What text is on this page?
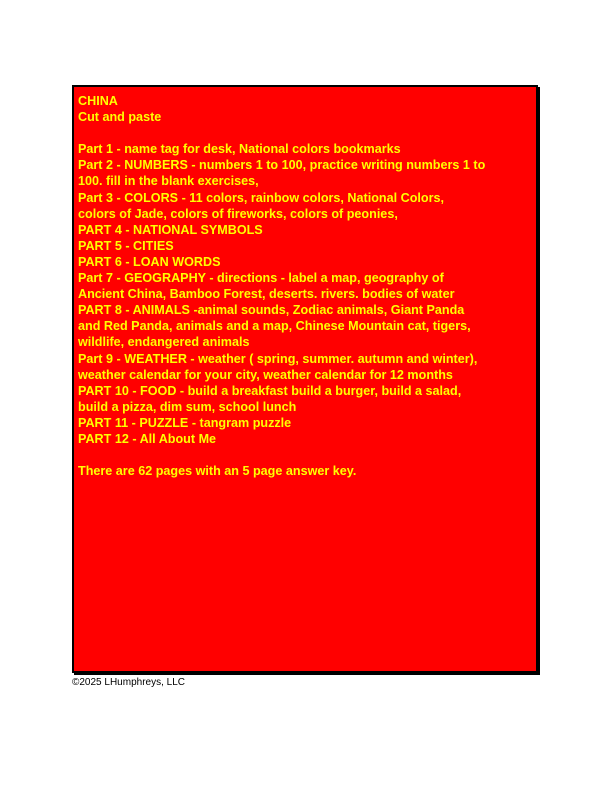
CHINA
Cut and paste
Part 1 - name tag for desk, National colors bookmarks
Part 2 - NUMBERS - numbers 1 to 100, practice writing numbers 1 to
100. fill in the blank exercises,
Part 3 - COLORS - 11 colors, rainbow colors, National Colors,
colors of Jade, colors of fireworks, colors of peonies,
PART 4 - NATIONAL SYMBOLS
PART 5 - CITIES
PART 6 - LOAN WORDS
Part 7 - GEOGRAPHY - directions - label a map, geography of
Ancient China, Bamboo Forest, deserts. rivers. bodies of water
PART 8 - ANIMALS -animal sounds, Zodiac animals, Giant Panda
and Red Panda, animals and a map, Chinese Mountain cat, tigers,
wildlife, endangered animals
Part 9 - WEATHER - weather ( spring, summer. autumn and winter),
weather calendar for your city, weather calendar for 12 months
PART 10 - FOOD - build a breakfast build a burger, build a salad,
build a pizza, dim sum, school lunch
PART 11 - PUZZLE - tangram puzzle
PART 12 - All About Me
There are 62 pages with an 5 page answer key.
©2025 LHumphreys, LLC
